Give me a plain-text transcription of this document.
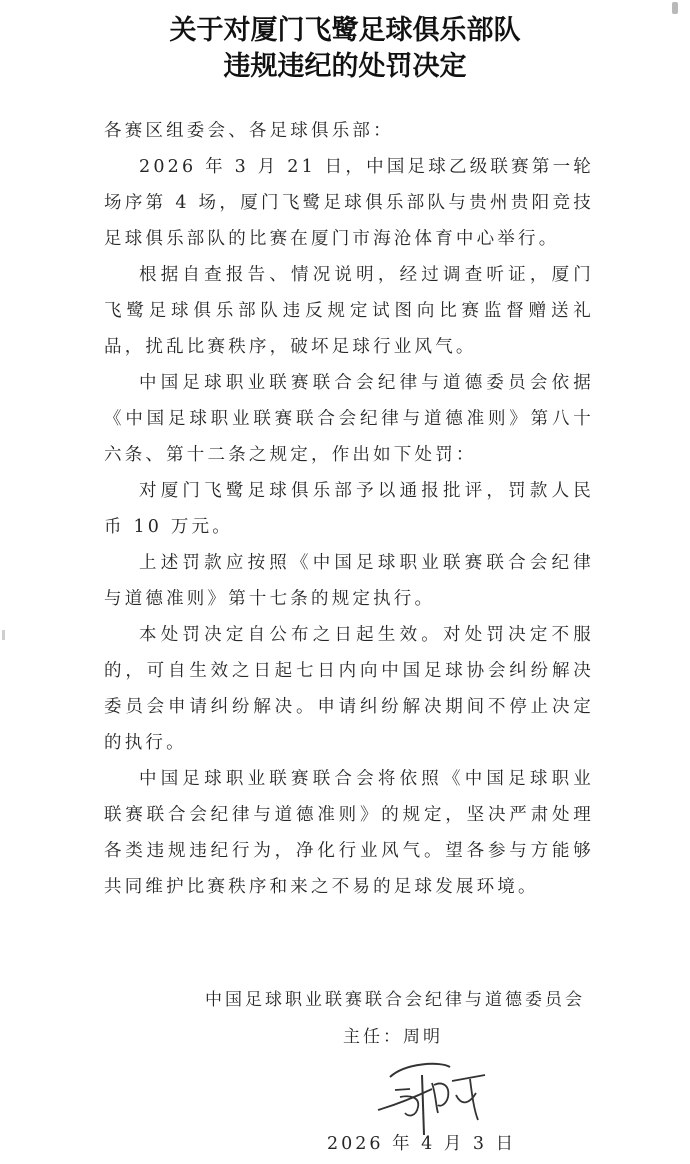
关于对厦门飞鹭足球俱乐部队
违规违纪的处罚决定

各赛区组委会、各足球俱乐部：

2026 年 3 月 21 日，中国足球乙级联赛第一轮场序第 4 场，厦门飞鹭足球俱乐部队与贵州贵阳竞技足球俱乐部队的比赛在厦门市海沧体育中心举行。

根据自查报告、情况说明，经过调查听证，厦门飞鹭足球俱乐部队违反规定试图向比赛监督赠送礼品，扰乱比赛秩序，破坏足球行业风气。

中国足球职业联赛联合会纪律与道德委员会依据《中国足球职业联赛联合会纪律与道德准则》第八十六条、第十二条之规定，作出如下处罚：

对厦门飞鹭足球俱乐部予以通报批评，罚款人民币 10 万元。

上述罚款应按照《中国足球职业联赛联合会纪律与道德准则》第十七条的规定执行。

本处罚决定自公布之日起生效。对处罚决定不服的，可自生效之日起七日内向中国足球协会纠纷解决委员会申请纠纷解决。申请纠纷解决期间不停止决定的执行。

中国足球职业联赛联合会将依照《中国足球职业联赛联合会纪律与道德准则》的规定，坚决严肃处理各类违规违纪行为，净化行业风气。望各参与方能够共同维护比赛秩序和来之不易的足球发展环境。

中国足球职业联赛联合会纪律与道德委员会
主任：周明
2026 年 4 月 3 日
